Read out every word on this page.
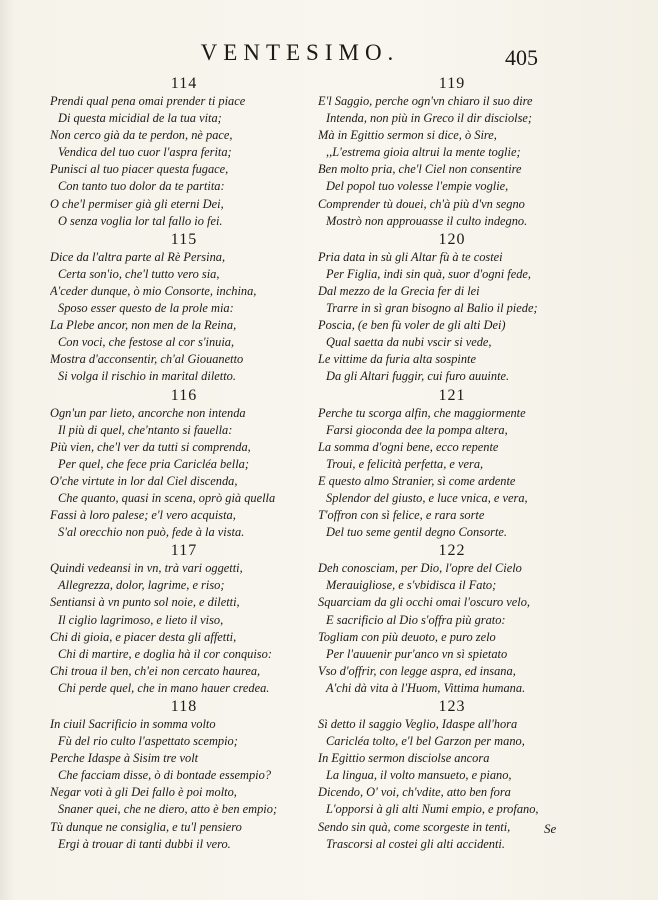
VENTESIMO.	405
114
Prendi qual pena omai prender ti piace
Di questa micidial de la tua vita;
Non cerco già da te perdon, nè pace,
Vendica del tuo cuor l'aspra ferita;
Punisci al tuo piacer questa fugace,
Con tanto tuo dolor da te partita:
O che'l permiser già gli eterni Dei,
O senza voglia lor tal fallo io fei.
115
Dice da l'altra parte al Rè Persina,
Certa son'io, che'l tutto vero sia,
A'ceder dunque, ò mio Consorte, inchina,
Sposo esser questo de la prole mia:
La Plebe ancor, non men de la Reina,
Con voci, che festose al cor s'inuia,
Mostra d'acconsentir, ch'al Giouanetto
Si volga il rischio in marital diletto.
116
Ogn'un par lieto, ancorche non intenda
Il più di quel, che'ntanto si fauella:
Più vien, che'l ver da tutti si comprenda,
Per quel, che fece pria Caricléa bella;
O'che virtute in lor dal Ciel discenda,
Che quanto, quasi in scena, oprò già quella
Fassi à loro palese; e'l vero acquista,
S'al orecchio non può, fede à la vista.
117
Quindi vedeansi in vn, trà vari oggetti,
Allegrezza, dolor, lagrime, e riso;
Sentiansi à vn punto sol noie, e diletti,
Il ciglio lagrimoso, e lieto il viso,
Chi di gioia, e piacer desta gli affetti,
Chi di martire, e doglia hà il cor conquiso:
Chi troua il ben, ch'ei non cercato haurea,
Chi perde quel, che in mano hauer credea.
118
In ciuil Sacrificio in somma volto
Fù del rio culto l'aspettato scempio;
Perche Idaspe à Sisim tre volt
Che facciam disse, ò di bontade essempio?
Negar voti à gli Dei fallo è poi molto,
Snaner quei, che ne diero, atto è ben empio;
Tù dunque ne consiglia, e tu'l pensiero
Ergi à trouar di tanti dubbi il vero.
119
E'l Saggio, perche ogn'vn chiaro il suo dire
Intenda, non più in Greco il dir disciolse;
Mà in Egittio sermon si dice, ò Sire,
,,L'estrema gioia altrui la mente toglie;
Ben molto pria, che'l Ciel non consentire
Del popol tuo volesse l'empie voglie,
Comprender tù douei, ch'à più d'vn segno
Mostrò non approuasse il culto indegno.
120
Pria data in sù gli Altar fù à te costei
Per Figlia, indi sin quà, suor d'ogni fede,
Dal mezzo de la Grecia fer di lei
Trarre in sì gran bisogno al Balio il piede;
Poscia, (e ben fù voler de gli alti Dei)
Qual saetta da nubi vscir si vede,
Le vittime da furia alta sospinte
Da gli Altari fuggir, cui furo auuinte.
121
Perche tu scorga alfin, che maggiormente
Farsi gioconda dee la pompa altera,
La somma d'ogni bene, ecco repente
Troui, e felicità perfetta, e vera,
E questo almo Stranier, sì come ardente
Splendor del giusto, e luce vnica, e vera,
T'offron con sì felice, e rara sorte
Del tuo seme gentil degno Consorte.
122
Deh conosciam, per Dio, l'opre del Cielo
Merauigliose, e s'vbidisca il Fato;
Squarciam da gli occhi omai l'oscuro velo,
E sacrificio al Dio s'offra più grato:
Togliam con più deuoto, e puro zelo
Per l'auuenir pur'anco vn sì spietato
Vso d'offrir, con legge aspra, ed insana,
A'chi dà vita à l'Huom, Vittima humana.
123
Sì detto il saggio Veglio, Idaspe all'hora
Caricléa tolto, e'l bel Garzon per mano,
In Egittio sermon disciolse ancora
La lingua, il volto mansueto, e piano,
Dicendo, O' voi, ch'vdite, atto ben fora
L'opporsi à gli alti Numi empio, e profano,
Sendo sin quà, come scorgeste in tenti,
Trascorsi al costei gli alti accidenti.
Se
